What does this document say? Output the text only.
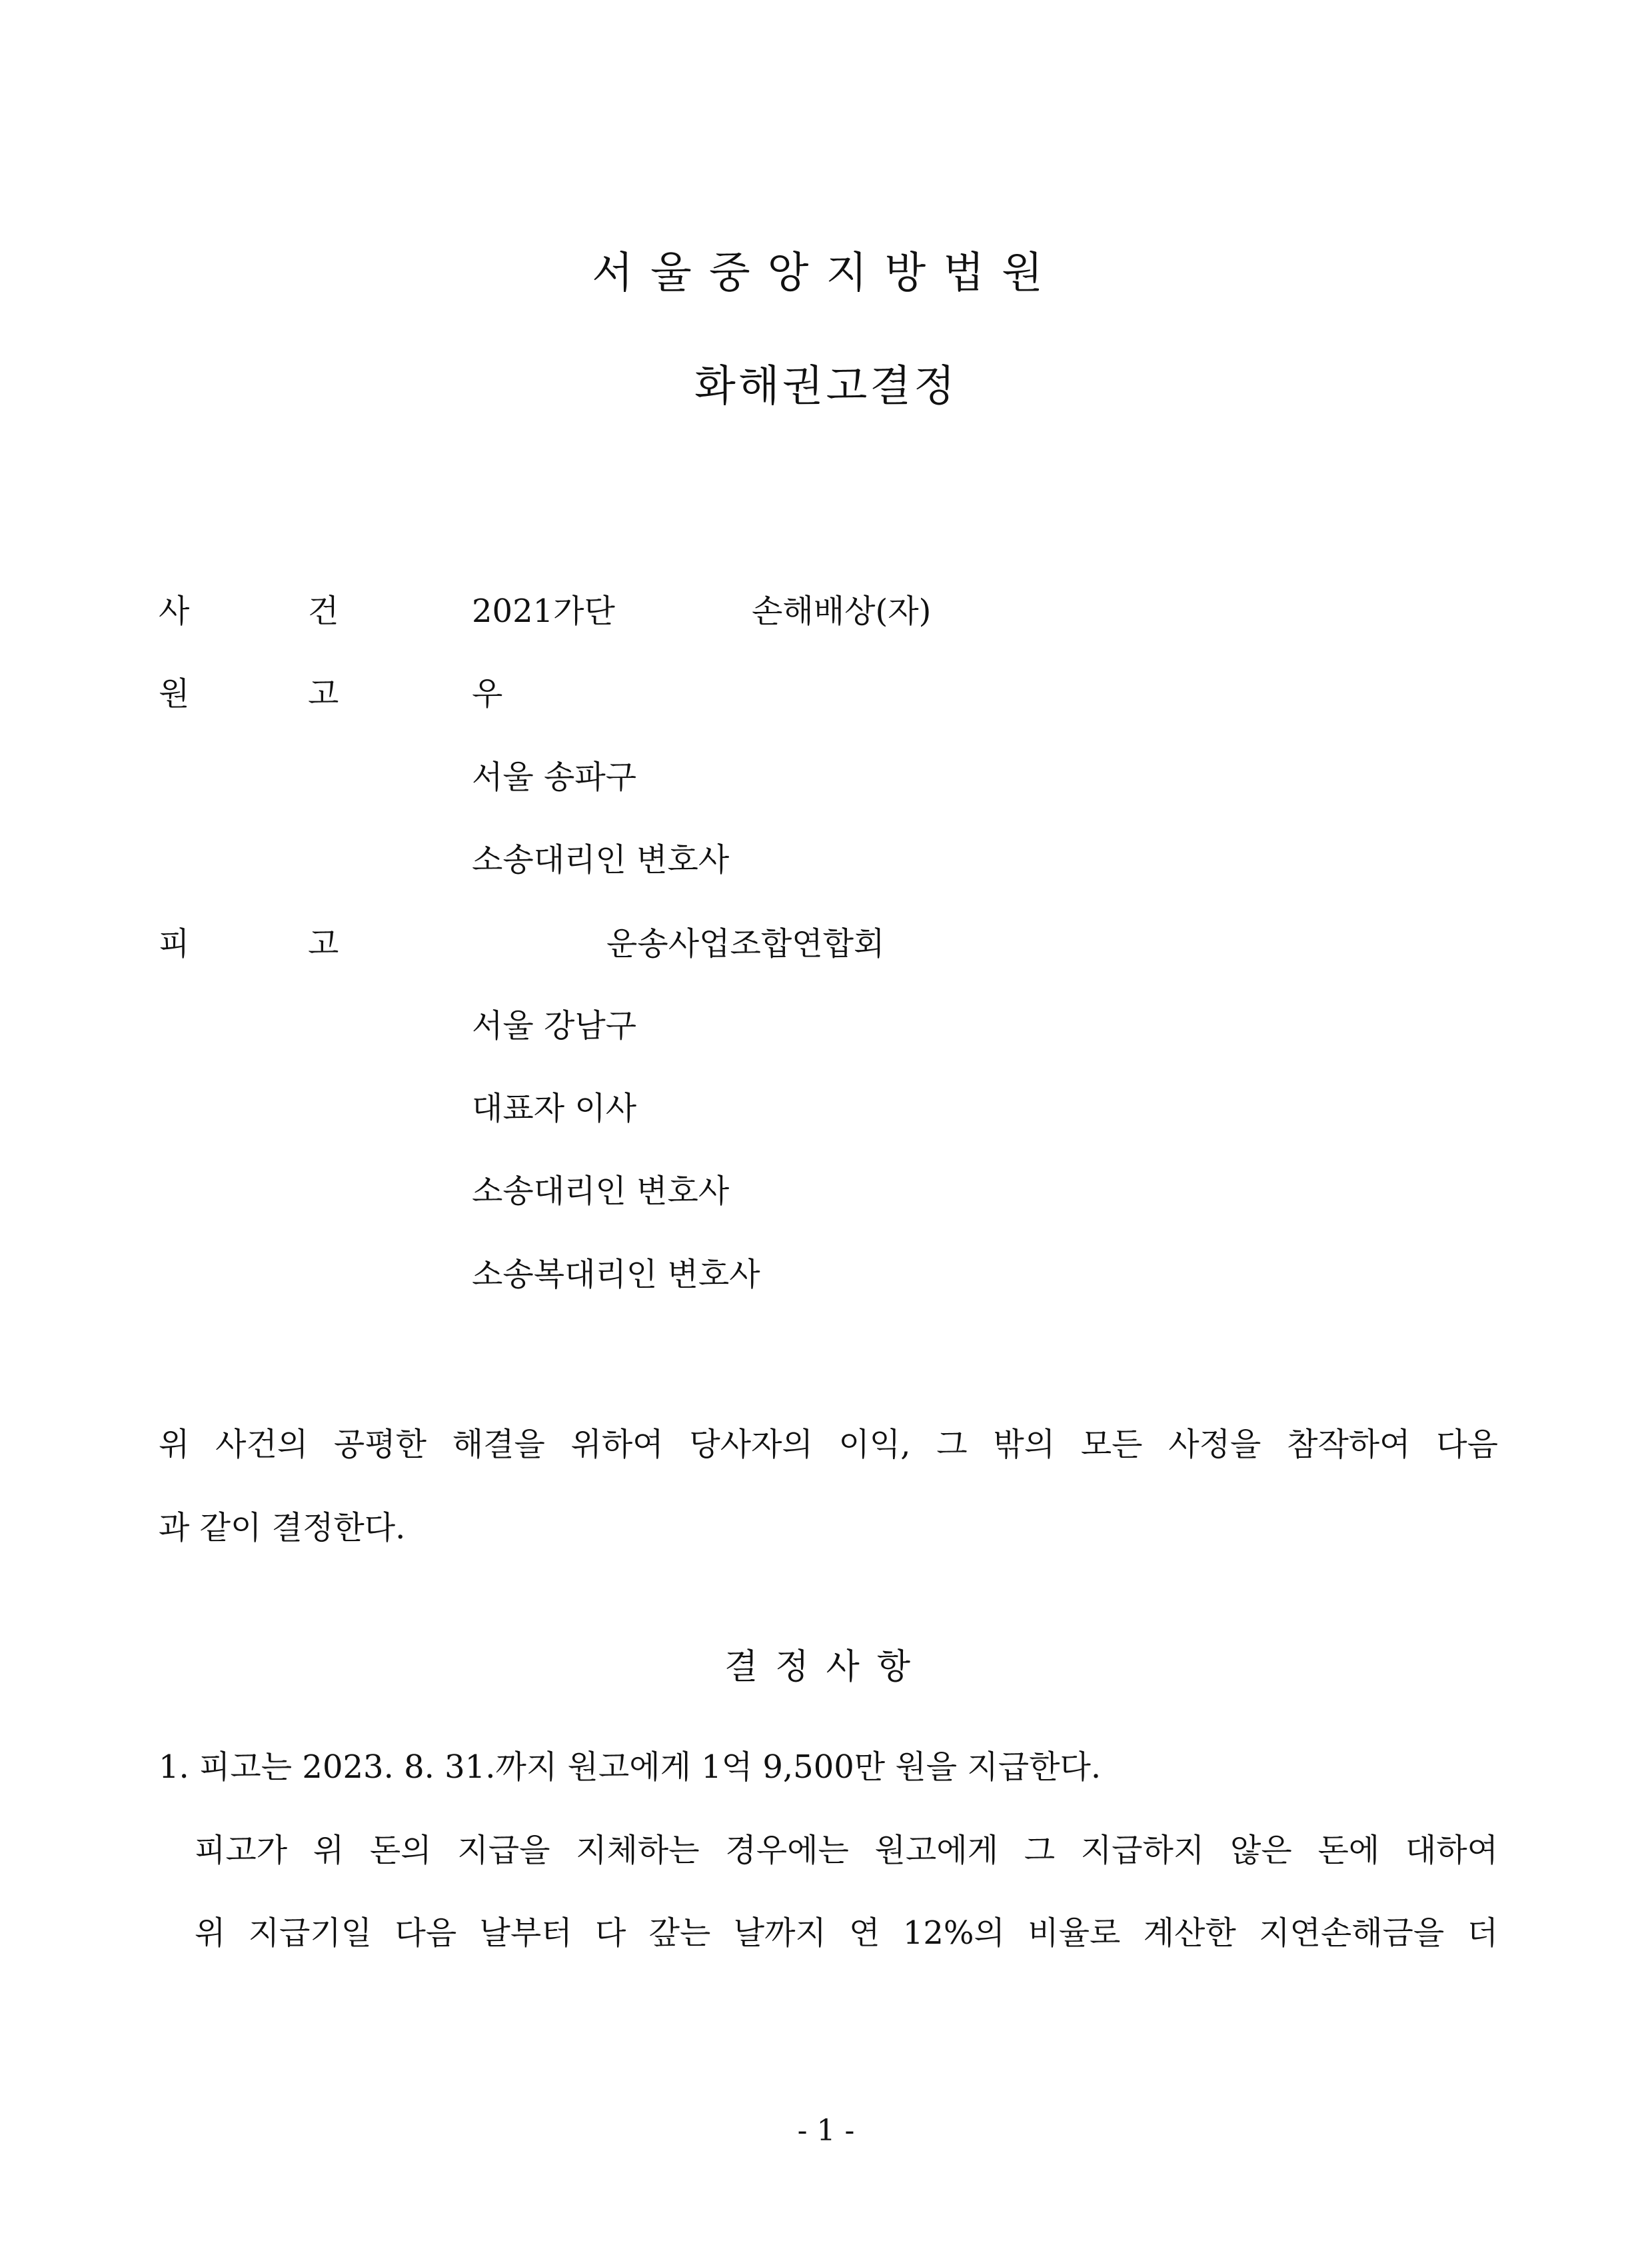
서울중앙지방법원
화해권고결정
사	건	2021가단	손해배상(자)
원	고	우
서울 송파구
소송대리인 변호사
피	고	운송사업조합연합회
서울 강남구
대표자 이사
소송대리인 변호사
소송복대리인 변호사
위 사건의 공평한 해결을 위하여 당사자의 이익, 그 밖의 모든 사정을 참작하여 다음
과 같이 결정한다.
결정사항
1. 피고는 2023. 8. 31.까지 원고에게 1억 9,500만 원을 지급한다.
피고가 위 돈의 지급을 지체하는 경우에는 원고에게 그 지급하지 않은 돈에 대하여
위 지급기일 다음 날부터 다 갚는 날까지 연 12%의 비율로 계산한 지연손해금을 더
- 1 -
